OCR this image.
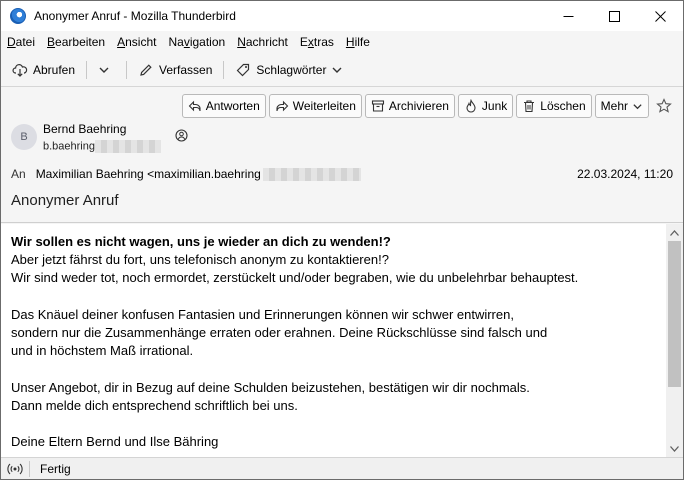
Anonymer Anruf - Mozilla Thunderbird
Datei	Bearbeiten	Ansicht	Navigation	Nachricht	Extras	Hilfe
Abrufen	Verfassen	Schlagwörter
Antworten	Weiterleiten	Archivieren	Junk	Löschen Mehr
B
Bernd Baehring
b.baehring
An Maximilian Baehring <maximilian.baehring	22.03.2024, 11:20
Anonymer Anruf

Wir sollen es nicht wagen, uns je wieder an dich zu wenden!?

Aber jetzt fährst du fort, uns telefonisch anonym zu kontaktieren!?

Wir sind weder tot, noch ermordet, zerstückelt und/oder begraben, wie du unbelehrbar behauptest.

Das Knäuel deiner konfusen Fantasien und Erinnerungen können wir schwer entwirren,

sondern nur die Zusammenhänge erraten oder erahnen. Deine Rückschlüsse sind falsch und

und in höchstem Maß irrational.

Unser Angebot, dir in Bezug auf deine Schulden beizustehen, bestätigen wir dir nochmals.

Dann melde dich entsprechend schriftlich bei uns.

Deine Eltern Bernd und Ilse Bähring

Fertig
